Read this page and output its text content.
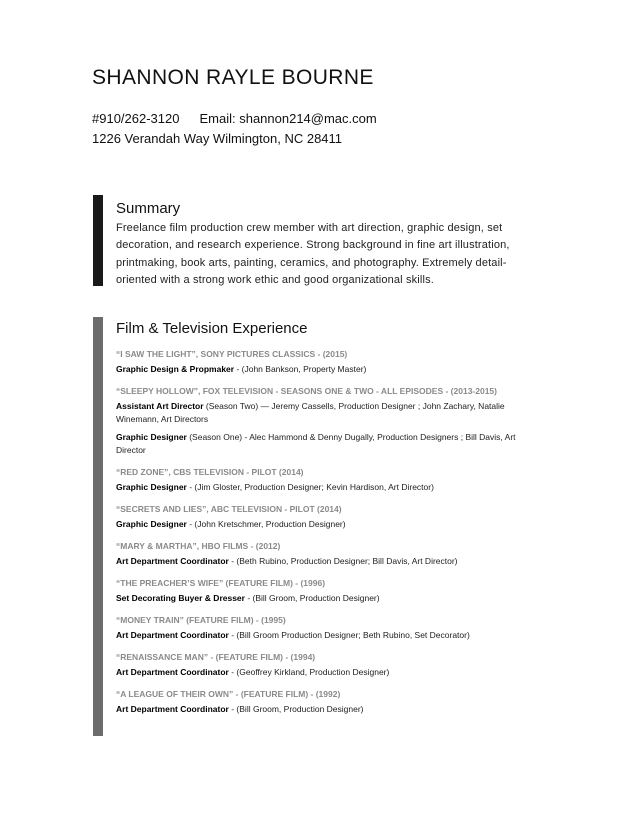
SHANNON RAYLE BOURNE
#910/262-3120 Email: shannon214@mac.com
1226 Verandah Way Wilmington, NC 28411
Summary

Freelance film production crew member with art direction, graphic design, set decoration, and research experience. Strong background in fine art illustration, printmaking, book arts, painting, ceramics, and photography. Extremely detail-oriented with a strong work ethic and good organizational skills.

Film & Television Experience
“I SAW THE LIGHT”, SONY PICTURES CLASSICS - (2015)
Graphic Design & Propmaker - (John Bankson, Property Master)
“SLEEPY HOLLOW”, FOX TELEVISION - SEASONS ONE & TWO - ALL EPISODES - (2013-2015)
Assistant Art Director (Season Two) — Jeremy Cassells, Production Designer ; John Zachary, Natalie Winemann, Art Directors
Graphic Designer (Season One) - Alec Hammond & Denny Dugally, Production Designers ; Bill Davis, Art Director
“RED ZONE”, CBS TELEVISION - PILOT (2014)
Graphic Designer - (Jim Gloster, Production Designer; Kevin Hardison, Art Director)
“SECRETS AND LIES”, ABC TELEVISION - PILOT (2014)
Graphic Designer - (John Kretschmer, Production Designer)
“MARY & MARTHA”, HBO FILMS - (2012)
Art Department Coordinator - (Beth Rubino, Production Designer; Bill Davis, Art Director)
“THE PREACHER’S WIFE” (FEATURE FILM) - (1996)
Set Decorating Buyer & Dresser - (Bill Groom, Production Designer)
“MONEY TRAIN” (FEATURE FILM) - (1995)
Art Department Coordinator - (Bill Groom Production Designer; Beth Rubino, Set Decorator)
“RENAISSANCE MAN” - (FEATURE FILM) - (1994)
Art Department Coordinator - (Geoffrey Kirkland, Production Designer)
“A LEAGUE OF THEIR OWN” - (FEATURE FILM) - (1992)
Art Department Coordinator - (Bill Groom, Production Designer)
